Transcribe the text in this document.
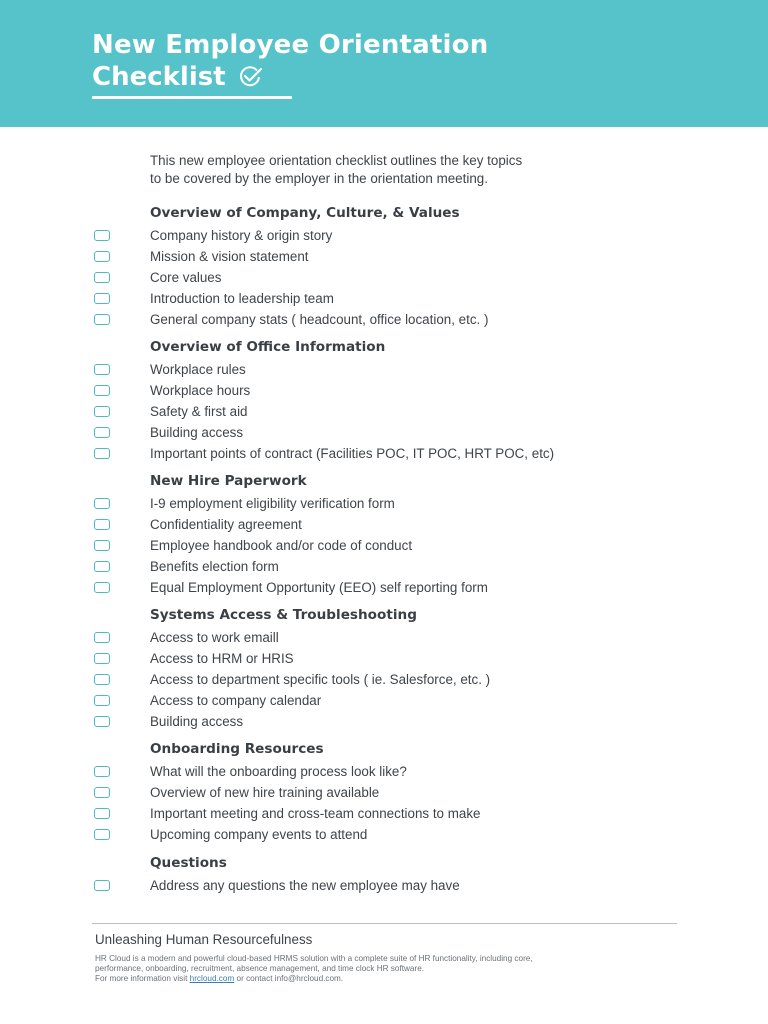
New Employee Orientation
Checklist

This new employee orientation checklist outlines the key topics

to be covered by the employer in the orientation meeting.

Overview of Company, Culture, & Values
Company history & origin story
Mission & vision statement
Core values
Introduction to leadership team
General company stats ( headcount, office location, etc. )
Overview of Office Information
Workplace rules
Workplace hours
Safety & first aid
Building access
Important points of contract (Facilities POC, IT POC, HRT POC, etc)
New Hire Paperwork
I-9 employment eligibility verification form
Confidentiality agreement
Employee handbook and/or code of conduct
Benefits election form
Equal Employment Opportunity (EEO) self reporting form
Systems Access & Troubleshooting
Access to work emaill
Access to HRM or HRIS
Access to department specific tools ( ie. Salesforce, etc. )
Access to company calendar
Building access
Onboarding Resources
What will the onboarding process look like?
Overview of new hire training available
Important meeting and cross-team connections to make
Upcoming company events to attend
Questions
Address any questions the new employee may have
Unleashing Human Resourcefulness

HR Cloud is a modern and powerful cloud-based HRMS solution with a complete suite of HR functionality, including core,

performance, onboarding, recruitment, absence management, and time clock HR software.

For more information visit hrcloud.com or contact info@hrcloud.com.
